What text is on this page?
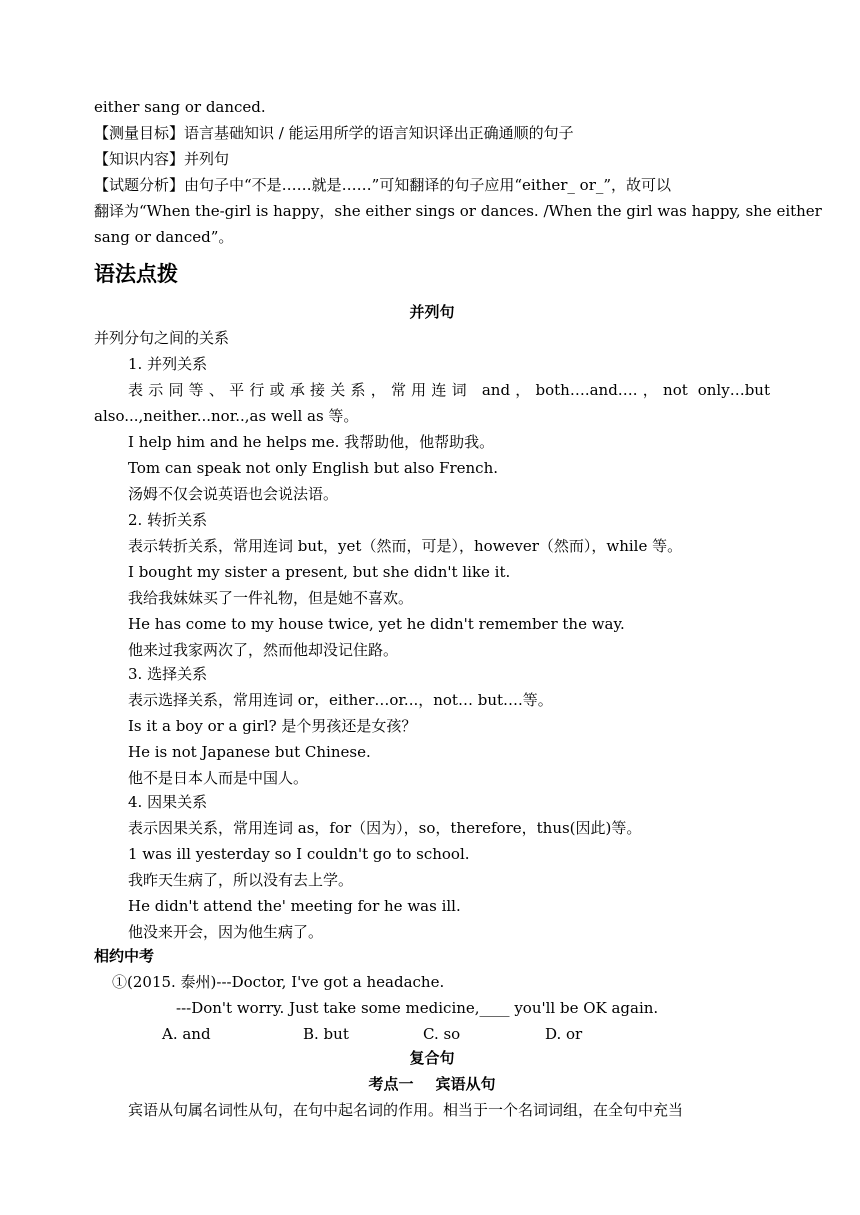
either sang or danced.
【测量目标】语言基础知识 / 能运用所学的语言知识译出正确通顺的句子
【知识内容】并列句
【试题分析】由句子中“不是……就是……”可知翻译的句子应用“either_ or_”，故可以
翻译为“When the-girl is happy，she either sings or dances. /When the girl was happy, she either
sang or danced”。
语法点拨
并列句
并列分句之间的关系
1. 并列关系
表示同等、平行或承接关系，常用连词 and，both….and….，not only…but
also...,neither...nor..,as well as 等。
I help him and he helps me. 我帮助他，他帮助我。
Tom can speak not only English but also French.
汤姆不仅会说英语也会说法语。
2. 转折关系
表示转折关系，常用连词 but，yet（然而，可是），however（然而），while 等。
I bought my sister a present, but she didn't like it.
我给我妹妹买了一件礼物，但是她不喜欢。
He has come to my house twice, yet he didn't remember the way.
他来过我家两次了，然而他却没记住路。
3. 选择关系
表示选择关系，常用连词 or，either…or...，not… but….等。
Is it a boy or a girl? 是个男孩还是女孩？
He is not Japanese but Chinese.
他不是日本人而是中国人。
4. 因果关系
表示因果关系，常用连词 as，for（因为），so，therefore，thus(因此)等。
1 was ill yesterday so I couldn't go to school.
我昨天生病了，所以没有去上学。
He didn't attend the' meeting for he was ill.
他没来开会，因为他生病了。
相约中考
①(2015. 泰州)---Doctor, I've got a headache.
---Don't worry. Just take some medicine,____ you'll be OK again.
A. and	B. but	C. so	D. or
复合句
考点一 宾语从句
宾语从句属名词性从句，在句中起名词的作用。相当于一个名词词组，在全句中充当
